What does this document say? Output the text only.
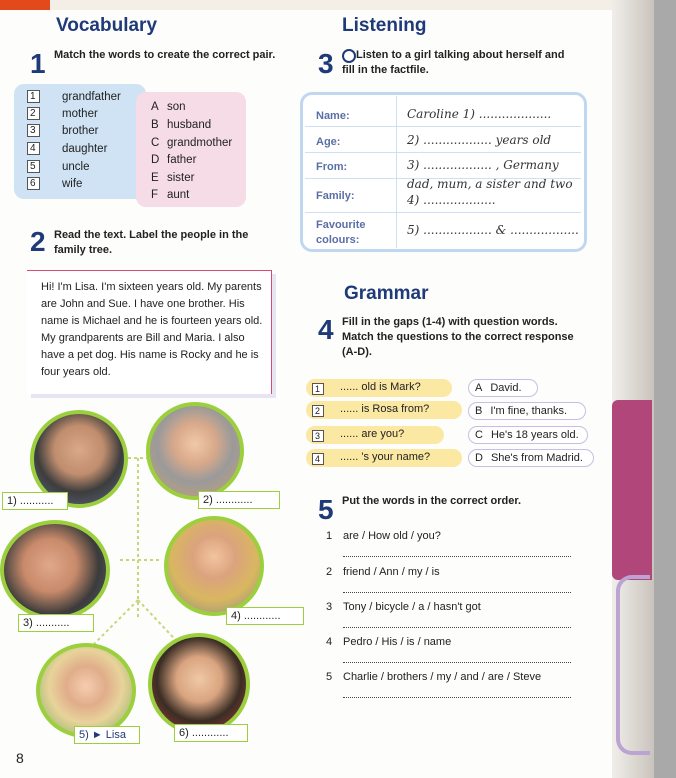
Vocabulary
1 Match the words to create the correct pair.
1	grandfather
2	mother
3	brother
4	daughter
5	uncle
6	wife
A son
B husband
C grandmother
D father
E sister
F aunt
2 Read the text. Label the people in the family tree.

Hi! I'm Lisa. I'm sixteen years old. My parents are John and Sue. I have one brother. His name is Michael and he is fourteen years old. My grandparents are Bill and Maria. I also have a pet dog. His name is Rocky and he is four years old.

1) ...........	2) ............
3) ...........
4) ............
5) ► Lisa	6) ............
Listening
3	Listen to a girl talking about herself and fill in the factfile.
Name:	Caroline 1) ...................
Age:	2) .................. years old
From:	3) .................. , Germany
Family:
dad, mum, a sister and two 4) ...................
Favourite colours:
5) .................. & ..................
Grammar
4 Fill in the gaps (1-4) with question words. Match the questions to the correct response (A-D).
1 ...... old is Mark?
2 ...... is Rosa from?
3 ...... are you?
4 ...... 's your name?
A David.
B I'm fine, thanks.
C He's 18 years old.
D She's from Madrid.
5 Put the words in the correct order.
1 are / How old / you?
2 friend / Ann / my / is
3 Tony / bicycle / a / hasn't got
4 Pedro / His / is / name
5 Charlie / brothers / my / and / are / Steve
8
